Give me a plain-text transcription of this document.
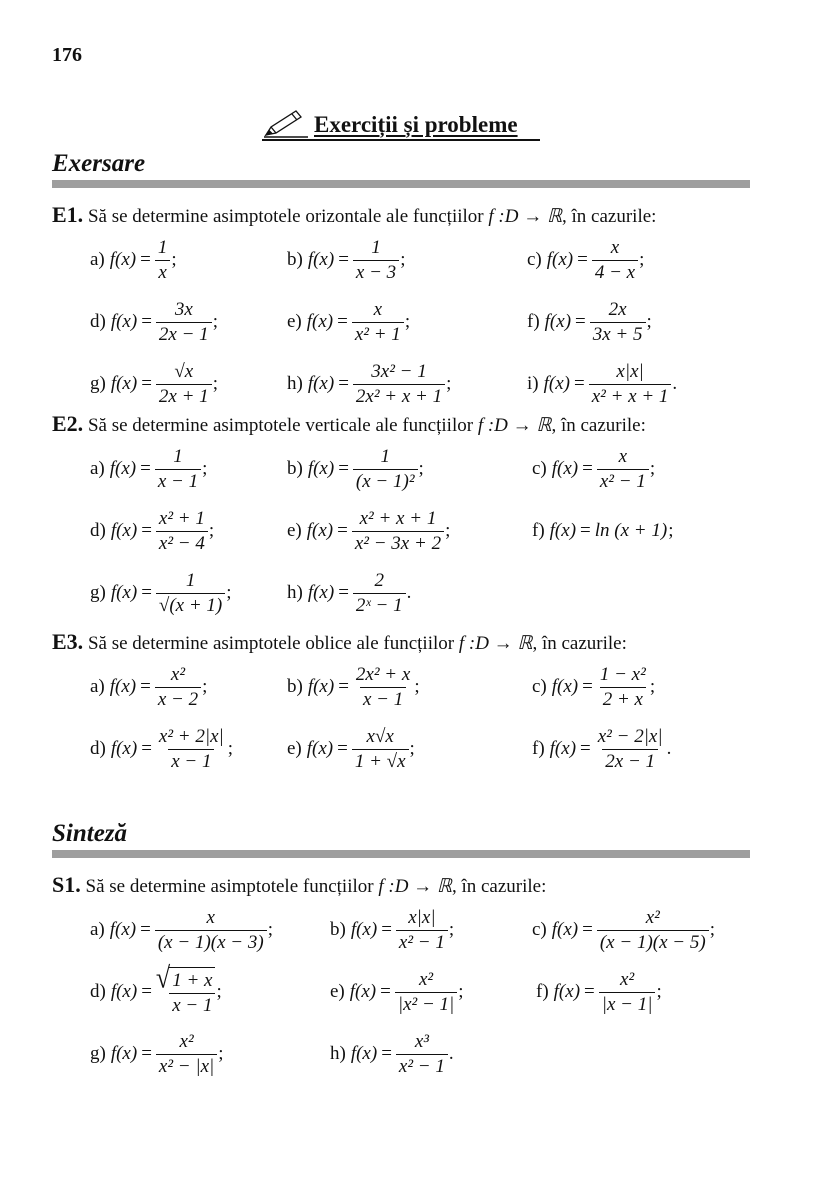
176
Exerciții și probleme
Exersare
Sinteză
E1. Să se determine asimptotele orizontale ale funcțiilor f :D → ℝ, în cazurile:
a) $f(x) = \frac{1}{x}$ ;	b) $f(x) = \frac{1}{x - 3}$ ;	c) $f(x) = \frac{x}{4 - x}$ ;
d) $f(x) = \frac{3x}{2x - 1}$ ;	e) $f(x) = \frac{x}{\text{x² + 1}}$ ;	f) $f(x) = \frac{2x}{3x + 5}$ ;
g) $f(x) = \frac{√x}{2x + 1}$ ;	h) $f(x) = \frac{\text{3x² − 1}}{\text{2x² + x + 1}}$ ;	i) $f(x) = \frac{x|x|}{\text{x² + x + 1}}$ .
E2. Să se determine asimptotele verticale ale funcțiilor f :D → ℝ, în cazurile:
a) $f(x) = \frac{1}{x - 1}$ ;	b) $f(x) = \frac{1}{\text{(x − 1)²}}$ ;	c) $f(x) = \frac{x}{\text{x² − 1}}$ ;
d) $f(x) = \frac{\text{x² + 1}}{\text{x² − 4}}$ ;	e) $f(x) = \frac{\text{x² + x + 1}}{\text{x² − 3x + 2}}$ ;	f) f(x) = ln (x + 1) ;
g) $f(x) = \frac{1}{√(x + 1)}$ ;	h) $f(x) = \frac{2}{\text{2ˣ − 1}}$ .
E3. Să se determine asimptotele oblice ale funcțiilor f :D → ℝ, în cazurile:
a) $f(x) = \frac{\text{x²}}{x - 2}$ ;	b) $f(x) = \frac{\text{2x² + x}}{x - 1}$ ;	c) $f(x) = \frac{\text{1 − x²}}{2 + x}$ ;
d) $f(x) = \frac{\text{x² + 2|x|}}{x - 1}$ ;	e) $f(x) = \frac{x√x}{1 + √x}$ ;	f) $f(x) = \frac{\text{x² − 2|x|}}{2x - 1}$ .
S1. Să se determine asimptotele funcțiilor f :D → ℝ, în cazurile:
a) $f(x) = \frac{x}{(x - 1)(x - 3)}$ ;	b) $f(x) = \frac{x|x|}{\text{x² − 1}}$ ;	c) $f(x) = \frac{\text{x²}}{(x - 1)(x - 5)}$ ;
d) f(x) = √ $\frac{1 + x}{x - 1}$ ;	e) $f(x) = \frac{\text{x²}}{\text{|x² − 1|}}$ ;	f) $f(x) = \frac{\text{x²}}{|x - 1|}$ ;
g) $f(x) = \frac{\text{x²}}{\text{x² − |x|}}$ ;	h) $f(x) = \frac{\text{x³}}{\text{x² − 1}}$ .
